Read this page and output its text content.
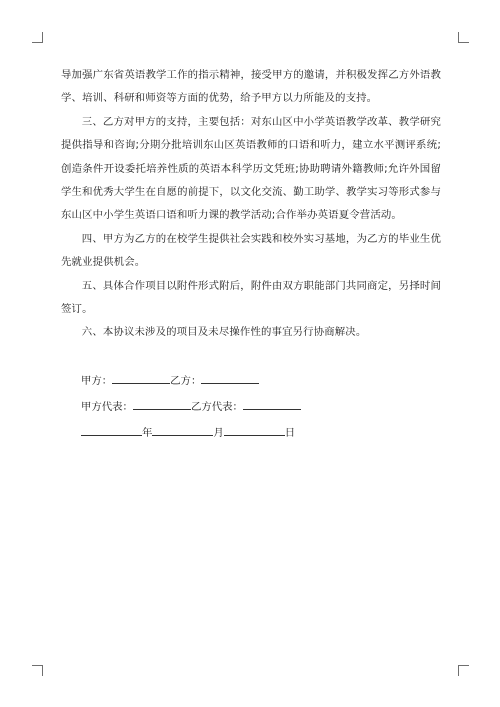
导加强广东省英语教学工作的指示精神，接受甲方的邀请，并积极发挥乙方外语教学、培训、科研和师资等方面的优势，给予甲方以力所能及的支持。

三、乙方对甲方的支持，主要包括：对东山区中小学英语教学改革、教学研究提供指导和咨询;分期分批培训东山区英语教师的口语和听力，建立水平测评系统;创造条件开设委托培养性质的英语本科学历文凭班;协助聘请外籍教师;允许外国留学生和优秀大学生在自愿的前提下，以文化交流、勤工助学、教学实习等形式参与东山区中小学生英语口语和听力课的教学活动;合作举办英语夏令营活动。

四、甲方为乙方的在校学生提供社会实践和校外实习基地，为乙方的毕业生优先就业提供机会。

五、具体合作项目以附件形式附后，附件由双方职能部门共同商定，另择时间签订。

六、本协议未涉及的项目及未尽操作性的事宜另行协商解决。

甲方：	乙方：
甲方代表：	乙方代表：
年	月	日
